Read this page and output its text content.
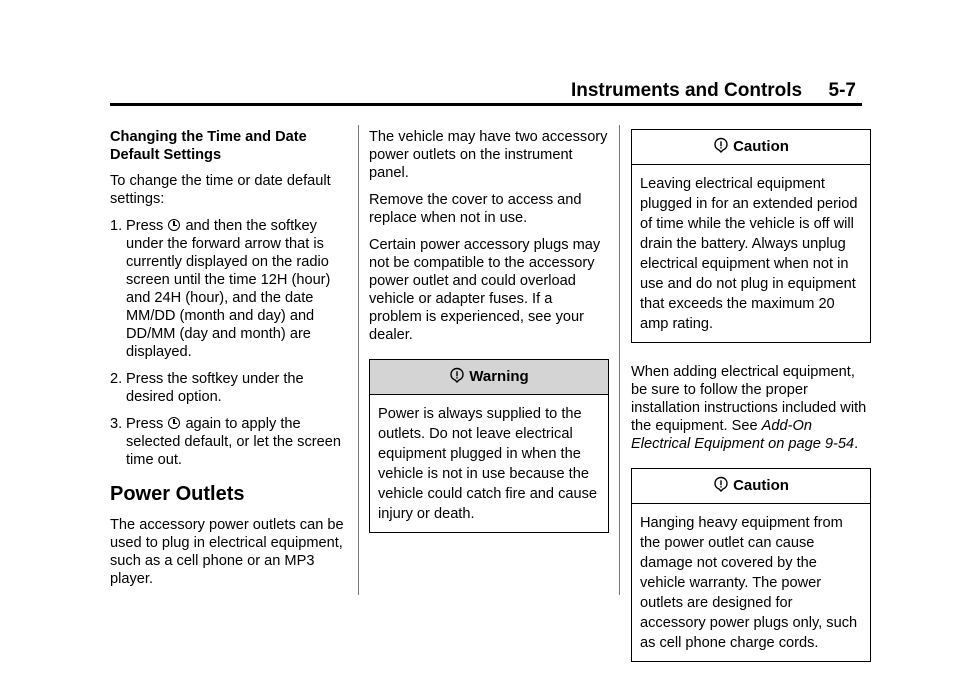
Instruments and Controls 5-7

Changing the Time and Date Default Settings

To change the time or date default settings:

1. Press and then the softkey under the forward arrow that is currently displayed on the radio screen until the time 12H (hour) and 24H (hour), and the date MM/DD (month and day) and DD/MM (day and month) are displayed.
2. Press the softkey under the desired option.
3. Press again to apply the selected default, or let the screen time out.
Power Outlets

The accessory power outlets can be used to plug in electrical equipment, such as a cell phone or an MP3 player.

The vehicle may have two accessory power outlets on the instrument panel.

Remove the cover to access and replace when not in use.

Certain power accessory plugs may not be compatible to the accessory power outlet and could overload vehicle or adapter fuses. If a problem is experienced, see your dealer.

Warning
Power is always supplied to the outlets. Do not leave electrical equipment plugged in when the vehicle is not in use because the vehicle could catch fire and cause injury or death.
Caution
Leaving electrical equipment plugged in for an extended period of time while the vehicle is off will drain the battery. Always unplug electrical equipment when not in use and do not plug in equipment that exceeds the maximum 20 amp rating.

When adding electrical equipment, be sure to follow the proper installation instructions included with the equipment. See Add-On Electrical Equipment on page 9-54.

Caution
Hanging heavy equipment from the power outlet can cause damage not covered by the vehicle warranty. The power outlets are designed for accessory power plugs only, such as cell phone charge cords.
